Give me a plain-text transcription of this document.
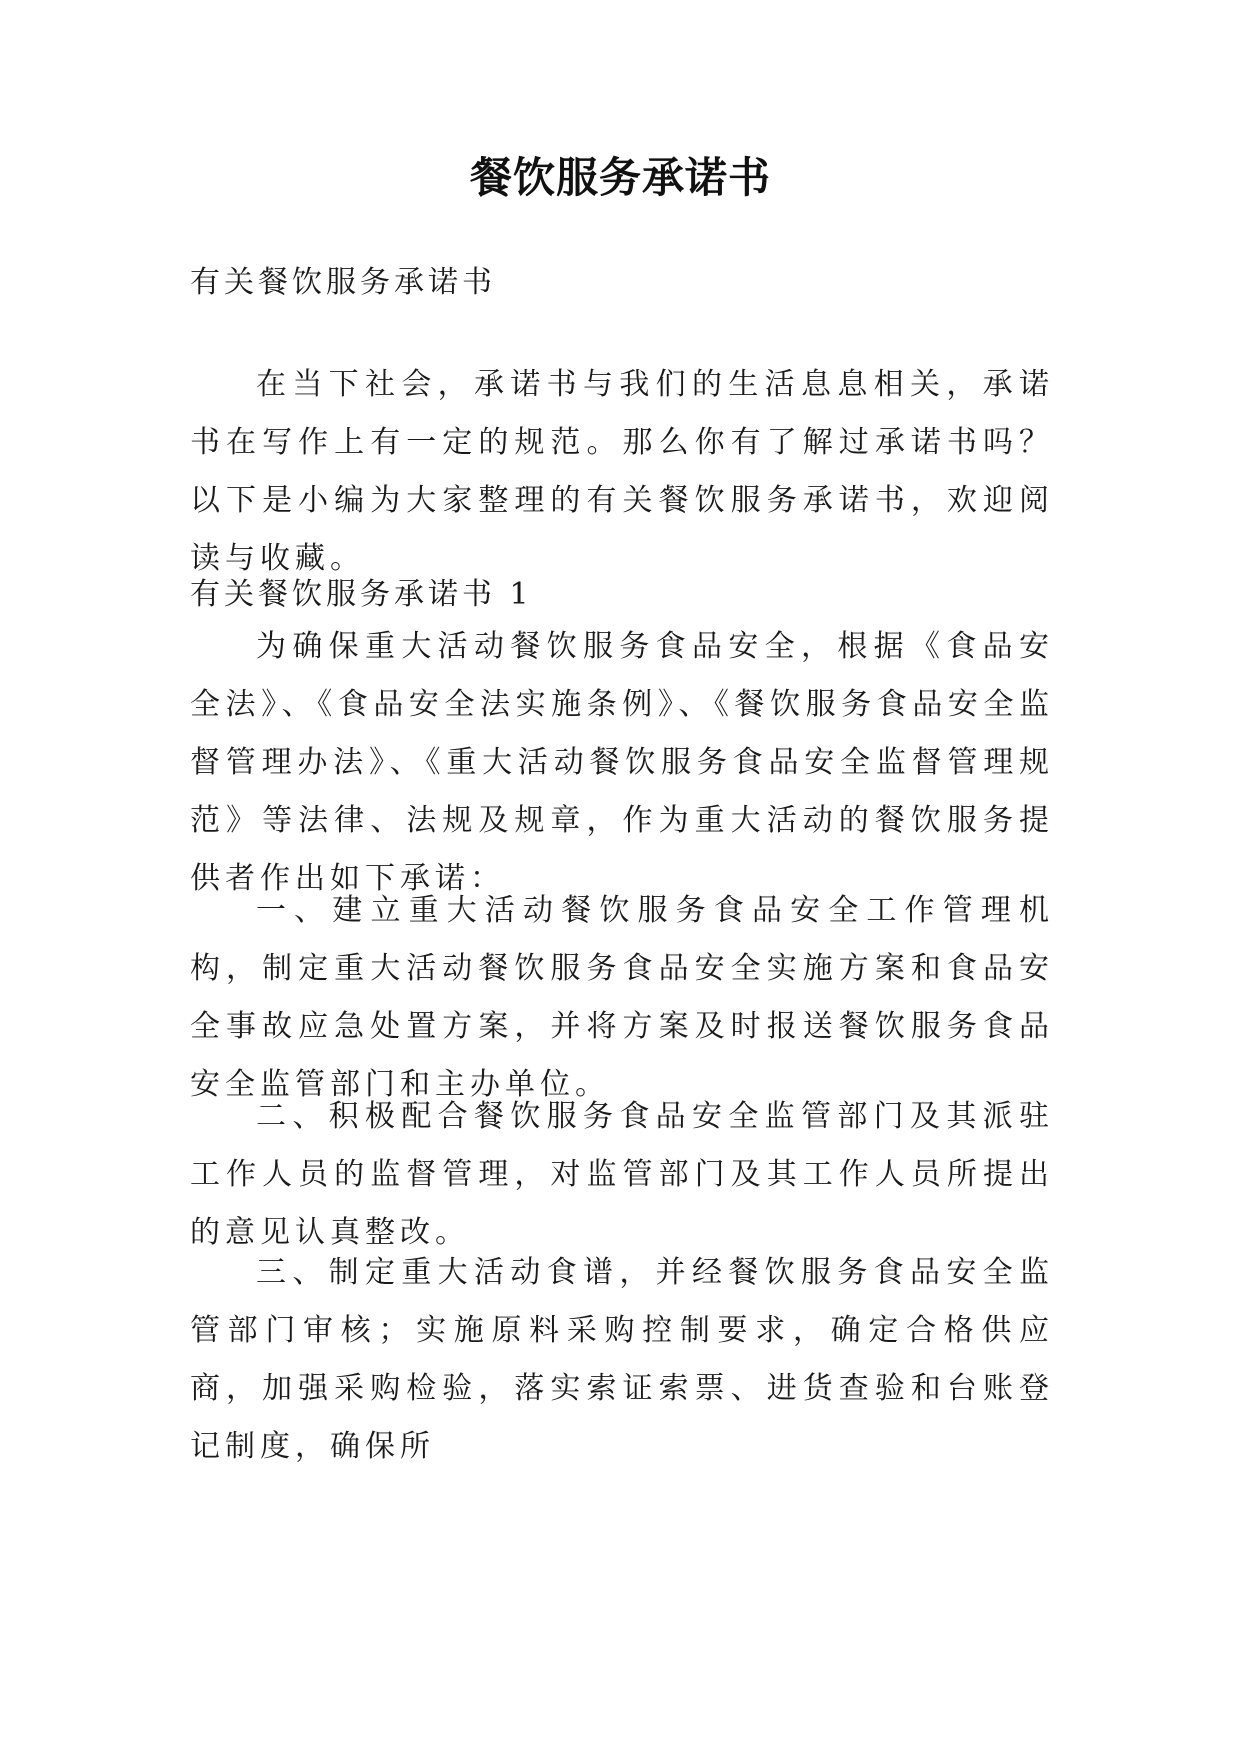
餐饮服务承诺书

有关餐饮服务承诺书

在当下社会，承诺书与我们的生活息息相关，承诺书在写作上有一定的规范。那么你有了解过承诺书吗？以下是小编为大家整理的有关餐饮服务承诺书，欢迎阅读与收藏。

有关餐饮服务承诺书 1

为确保重大活动餐饮服务食品安全，根据《食品安全法》、《食品安全法实施条例》、《餐饮服务食品安全监督管理办法》、《重大活动餐饮服务食品安全监督管理规范》等法律、法规及规章，作为重大活动的餐饮服务提供者作出如下承诺：

一、建立重大活动餐饮服务食品安全工作管理机构，制定重大活动餐饮服务食品安全实施方案和食品安全事故应急处置方案，并将方案及时报送餐饮服务食品安全监管部门和主办单位。

二、积极配合餐饮服务食品安全监管部门及其派驻工作人员的监督管理，对监管部门及其工作人员所提出的意见认真整改。

三、制定重大活动食谱，并经餐饮服务食品安全监管部门审核；实施原料采购控制要求，确定合格供应商，加强采购检验，落实索证索票、进货查验和台账登记制度，确保所
